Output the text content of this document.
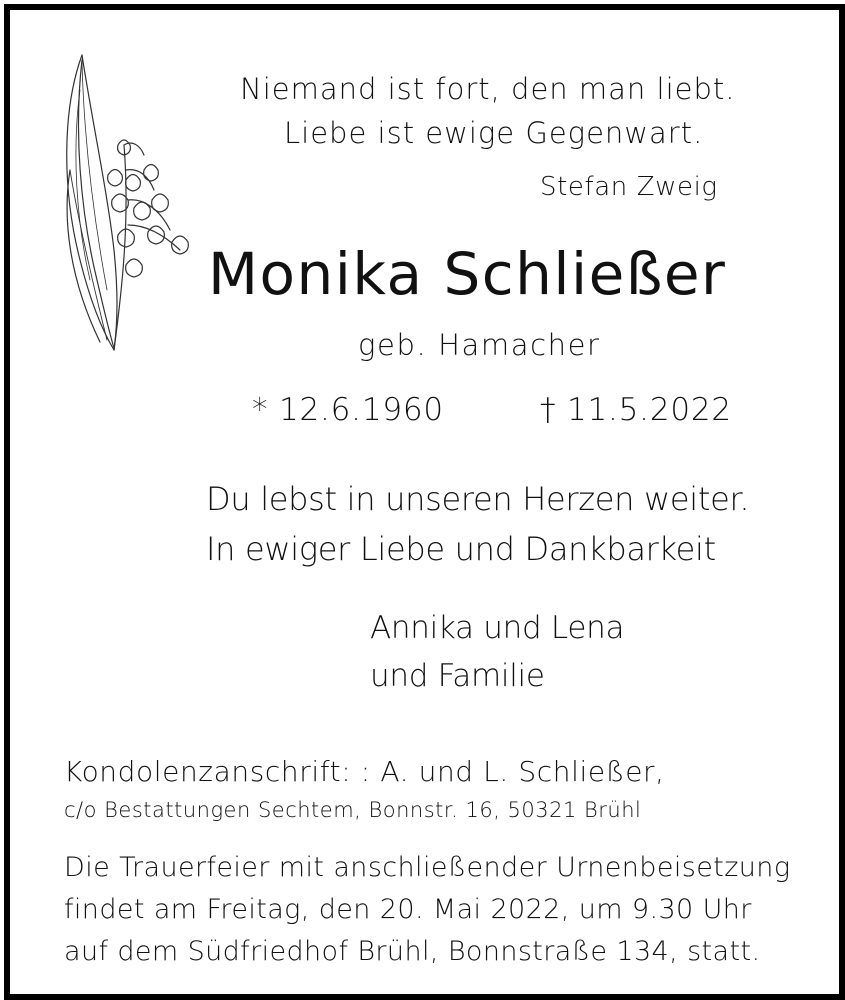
Niemand ist fort, den man liebt.
Liebe ist ewige Gegenwart.
Stefan Zweig
Monika Schließer
geb. Hamacher
* 12.6.1960	† 11.5.2022
Du lebst in unseren Herzen weiter.
In ewiger Liebe und Dankbarkeit
Annika und Lena
und Familie
Kondolenzanschrift: : A. und L. Schließer,
c/o Bestattungen Sechtem, Bonnstr. 16, 50321 Brühl
Die Trauerfeier mit anschließender Urnenbeisetzung
findet am Freitag, den 20. Mai 2022, um 9.30 Uhr
auf dem Südfriedhof Brühl, Bonnstraße 134, statt.
